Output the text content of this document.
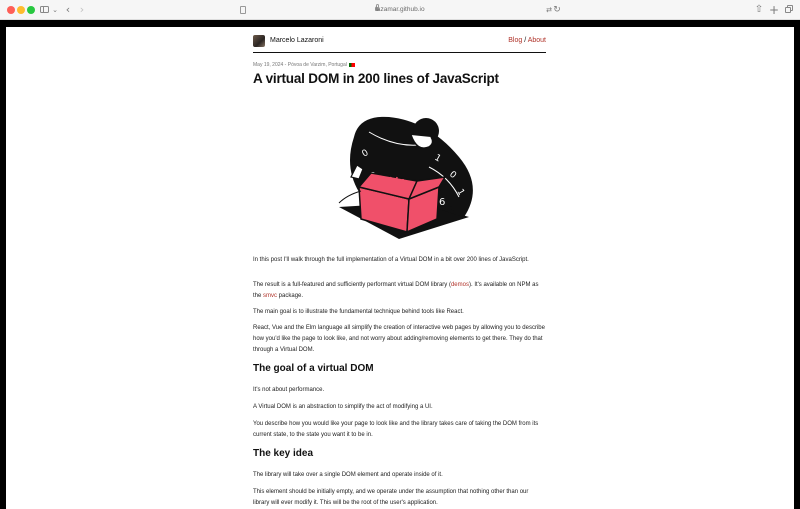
⌄ ‹ ›	lazamar.github.io	⇄ ↻	⇧ +
Marcelo Lazaroni	Blog / About
May 19, 2024 - Póvoa de Varzim, Portugal
A virtual DOM in 200 lines of JavaScript
0	1
0
1
6

In this post I'll walk through the full implementation of a Virtual DOM in a bit over 200 lines of JavaScript.

The result is a full-featured and sufficiently performant virtual DOM library (demos). It's available on NPM as the smvc package.

The main goal is to illustrate the fundamental technique behind tools like React.

React, Vue and the Elm language all simplify the creation of interactive web pages by allowing you to describe how you'd like the page to look like, and not worry about adding/removing elements to get there. They do that through a Virtual DOM.

The goal of a virtual DOM

It's not about performance.

A Virtual DOM is an abstraction to simplify the act of modifying a UI.

You describe how you would like your page to look like and the library takes care of taking the DOM from its current state, to the state you want it to be in.

The key idea

The library will take over a single DOM element and operate inside of it.

This element should be initially empty, and we operate under the assumption that nothing other than our library will ever modify it. This will be the root of the user's application.
